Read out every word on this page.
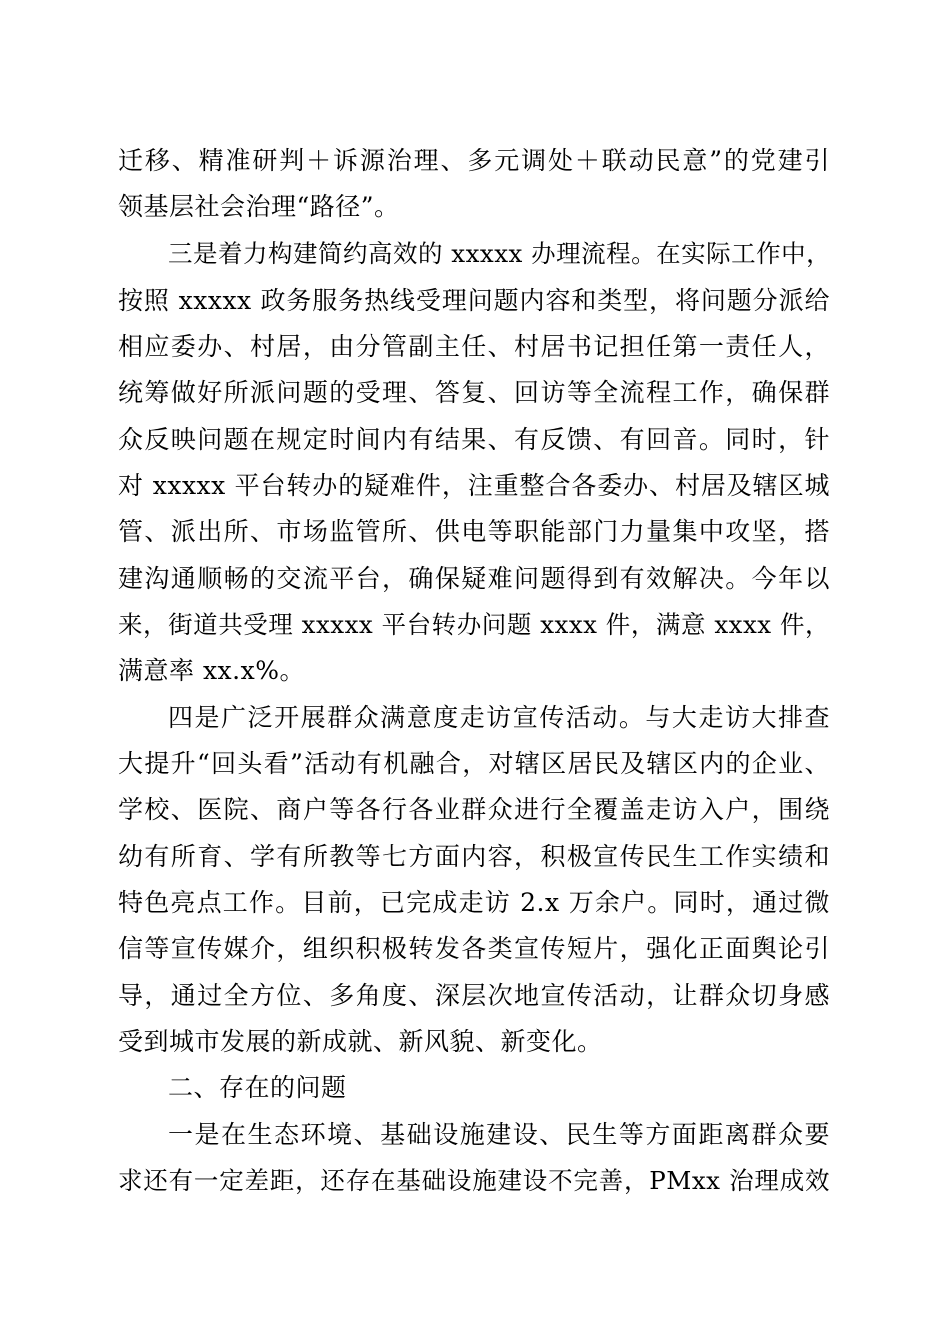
迁移、精准研判＋诉源治理、多元调处＋联动民意”的党建引
领基层社会治理“路径”。
三是着力构建简约高效的 xxxxx 办理流程。在实际工作中，
按照 xxxxx 政务服务热线受理问题内容和类型，将问题分派给
相应委办、村居，由分管副主任、村居书记担任第一责任人，
统筹做好所派问题的受理、答复、回访等全流程工作，确保群
众反映问题在规定时间内有结果、有反馈、有回音。同时，针
对 xxxxx 平台转办的疑难件，注重整合各委办、村居及辖区城
管、派出所、市场监管所、供电等职能部门力量集中攻坚，搭
建沟通顺畅的交流平台，确保疑难问题得到有效解决。今年以
来，街道共受理 xxxxx 平台转办问题 xxxx 件，满意 xxxx 件，
满意率 xx.x%。
四是广泛开展群众满意度走访宣传活动。与大走访大排查
大提升“回头看”活动有机融合，对辖区居民及辖区内的企业、
学校、医院、商户等各行各业群众进行全覆盖走访入户，围绕
幼有所育、学有所教等七方面内容，积极宣传民生工作实绩和
特色亮点工作。目前，已完成走访 2.x 万余户。同时，通过微
信等宣传媒介，组织积极转发各类宣传短片，强化正面舆论引
导，通过全方位、多角度、深层次地宣传活动，让群众切身感
受到城市发展的新成就、新风貌、新变化。
二、存在的问题
一是在生态环境、基础设施建设、民生等方面距离群众要
求还有一定差距，还存在基础设施建设不完善，PMxx 治理成效
